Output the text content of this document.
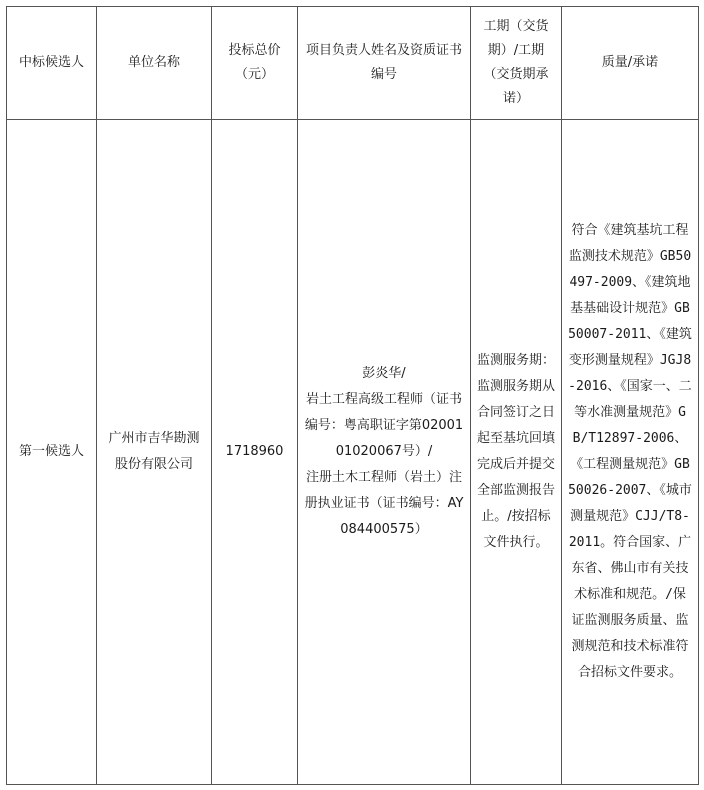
中标候选人	单位名称	投标总价（元）	项目负责人姓名及资质证书编号	工期（交货期）/工期（交货期承诺）	质量/承诺
第一候选人	广州市吉华勘测股份有限公司	1718960	彭炎华/
岩土工程高级工程师（证书编号：粤高职证字第0200101020067号）/
注册土木工程师（岩土）注册执业证书（证书编号：AY084400575）	监测服务期：监测服务期从合同签订之日起至基坑回填完成后并提交全部监测报告止。/按招标文件执行。	符合《建筑基坑工程监测技术规范》GB50497-2009、《建筑地基基础设计规范》GB50007-2011、《建筑变形测量规程》JGJ8-2016、《国家一、二等水准测量规范》GB/T12897-2006、《工程测量规范》GB50026-2007、《城市测量规范》CJJ/T8-2011。符合国家、广东省、佛山市有关技术标准和规范。/保证监测服务质量、监测规范和技术标准符合招标文件要求。
